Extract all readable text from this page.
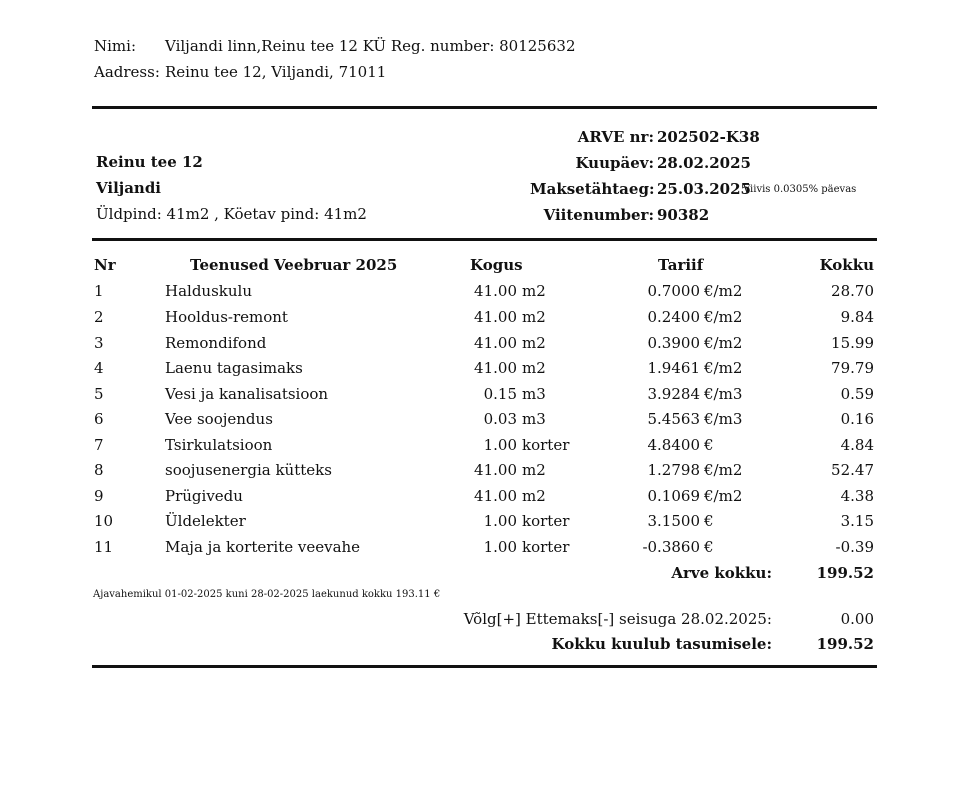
Nimi: Viljandi linn,Reinu tee 12 KÜ Reg. number: 80125632
Aadress: Reinu tee 12, Viljandi, 71011
Reinu tee 12
Viljandi
Üldpind: 41m2 , Köetav pind: 41m2
ARVE nr: 202502-K38
Kuupäev: 28.02.2025
Maksetähtaeg: 25.03.2025
Viivis 0.0305% päevas
Viitenumber: 90382
Nr	Teenused Veebruar 2025	Kogus	Tariif	Kokku
1	Halduskulu	41.00 m2	0.7000 €/m2	28.70
2	Hooldus-remont	41.00 m2	0.2400 €/m2	9.84
3	Remondifond	41.00 m2	0.3900 €/m2	15.99
4	Laenu tagasimaks	41.00 m2	1.9461 €/m2	79.79
5	Vesi ja kanalisatsioon	0.15 m3	3.9284 €/m3	0.59
6	Vee soojendus	0.03 m3	5.4563 €/m3	0.16
7	Tsirkulatsioon	1.00 korter	4.8400 €	4.84
8	soojusenergia kütteks	41.00 m2	1.2798 €/m2	52.47
9	Prügivedu	41.00 m2	0.1069 €/m2	4.38
10	Üldelekter	1.00 korter	3.1500 €	3.15
11	Maja ja korterite veevahe	1.00 korter	-0.3860 €	-0.39
Arve kokku:	199.52
Ajavahemikul 01-02-2025 kuni 28-02-2025 laekunud kokku 193.11 €
Võlg[+] Ettemaks[-] seisuga 28.02.2025:	0.00
Kokku kuulub tasumisele:	199.52
